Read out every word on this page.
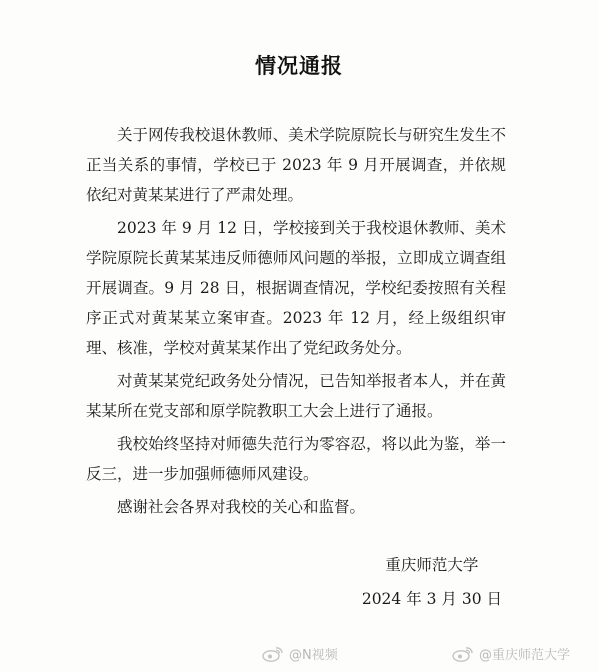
情况通报

关于网传我校退休教师、美术学院原院长与研究生发生不正当关系的事情，学校已于 2023 年 9 月开展调查，并依规依纪对黄某某进行了严肃处理。

2023 年 9 月 12 日，学校接到关于我校退休教师、美术学院原院长黄某某违反师德师风问题的举报，立即成立调查组开展调查。9 月 28 日，根据调查情况，学校纪委按照有关程序正式对黄某某立案审查。2023 年 12 月，经上级组织审理、核准，学校对黄某某作出了党纪政务处分。

对黄某某党纪政务处分情况，已告知举报者本人，并在黄某某所在党支部和原学院教职工大会上进行了通报。

我校始终坚持对师德失范行为零容忍，将以此为鉴，举一反三，进一步加强师德师风建设。

感谢社会各界对我校的关心和监督。

重庆师范大学
2024 年 3 月 30 日
@N视频	@重庆师范大学
